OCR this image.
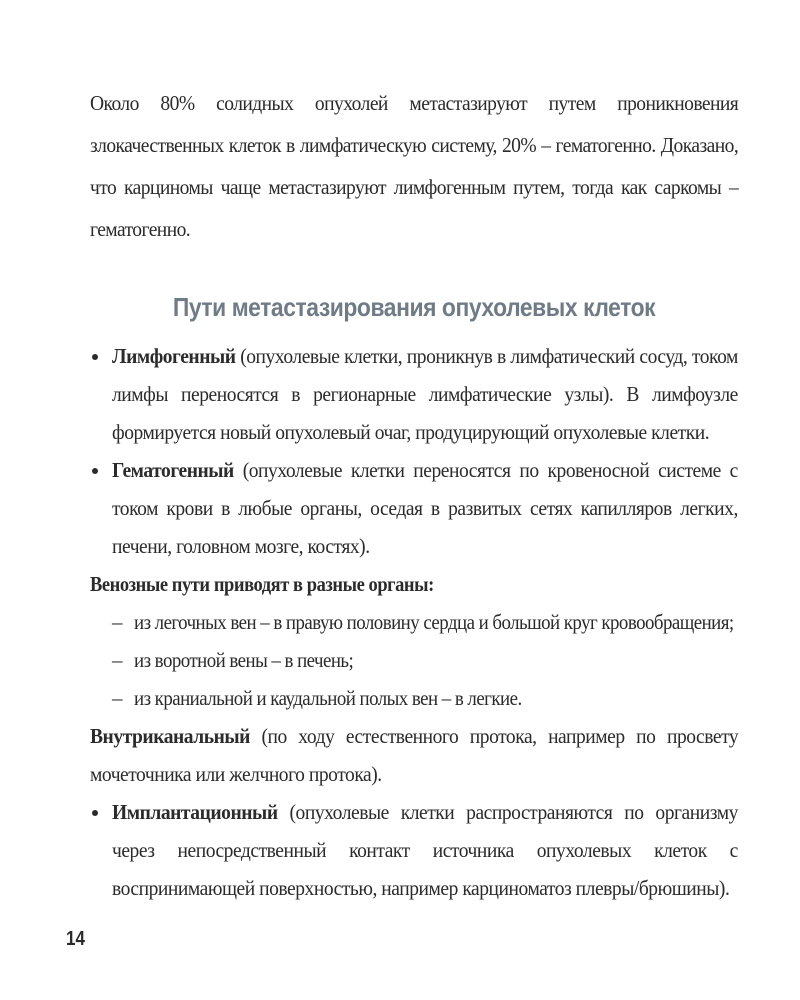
Около 80% солидных опухолей метастазируют путем проникновения злокачественных клеток в лимфатическую систему, 20% – гематогенно. Доказано, что карциномы чаще метастазируют лимфогенным путем, тогда как саркомы – гематогенно.

Пути метастазирования опухолевых клеток
Лимфогенный (опухолевые клетки, проникнув в лимфатический сосуд, током лимфы переносятся в регионарные лимфатические узлы). В лимфоузле формируется новый опухолевый очаг, продуцирующий опухолевые клетки.
Гематогенный (опухолевые клетки переносятся по кровеносной системе с током крови в любые органы, оседая в развитых сетях капилляров легких, печени, головном мозге, костях).

Венозные пути приводят в разные органы:

– из легочных вен – в правую половину сердца и большой круг кровообращения;
– из воротной вены – в печень;
– из краниальной и каудальной полых вен – в легкие.

Внутриканальный (по ходу естественного протока, например по просвету мочеточника или желчного протока).

Имплантационный (опухолевые клетки распространяются по организму через непосредственный контакт источника опухолевых клеток с воспринимающей поверхностью, например карциноматоз плевры/брюшины).
14
